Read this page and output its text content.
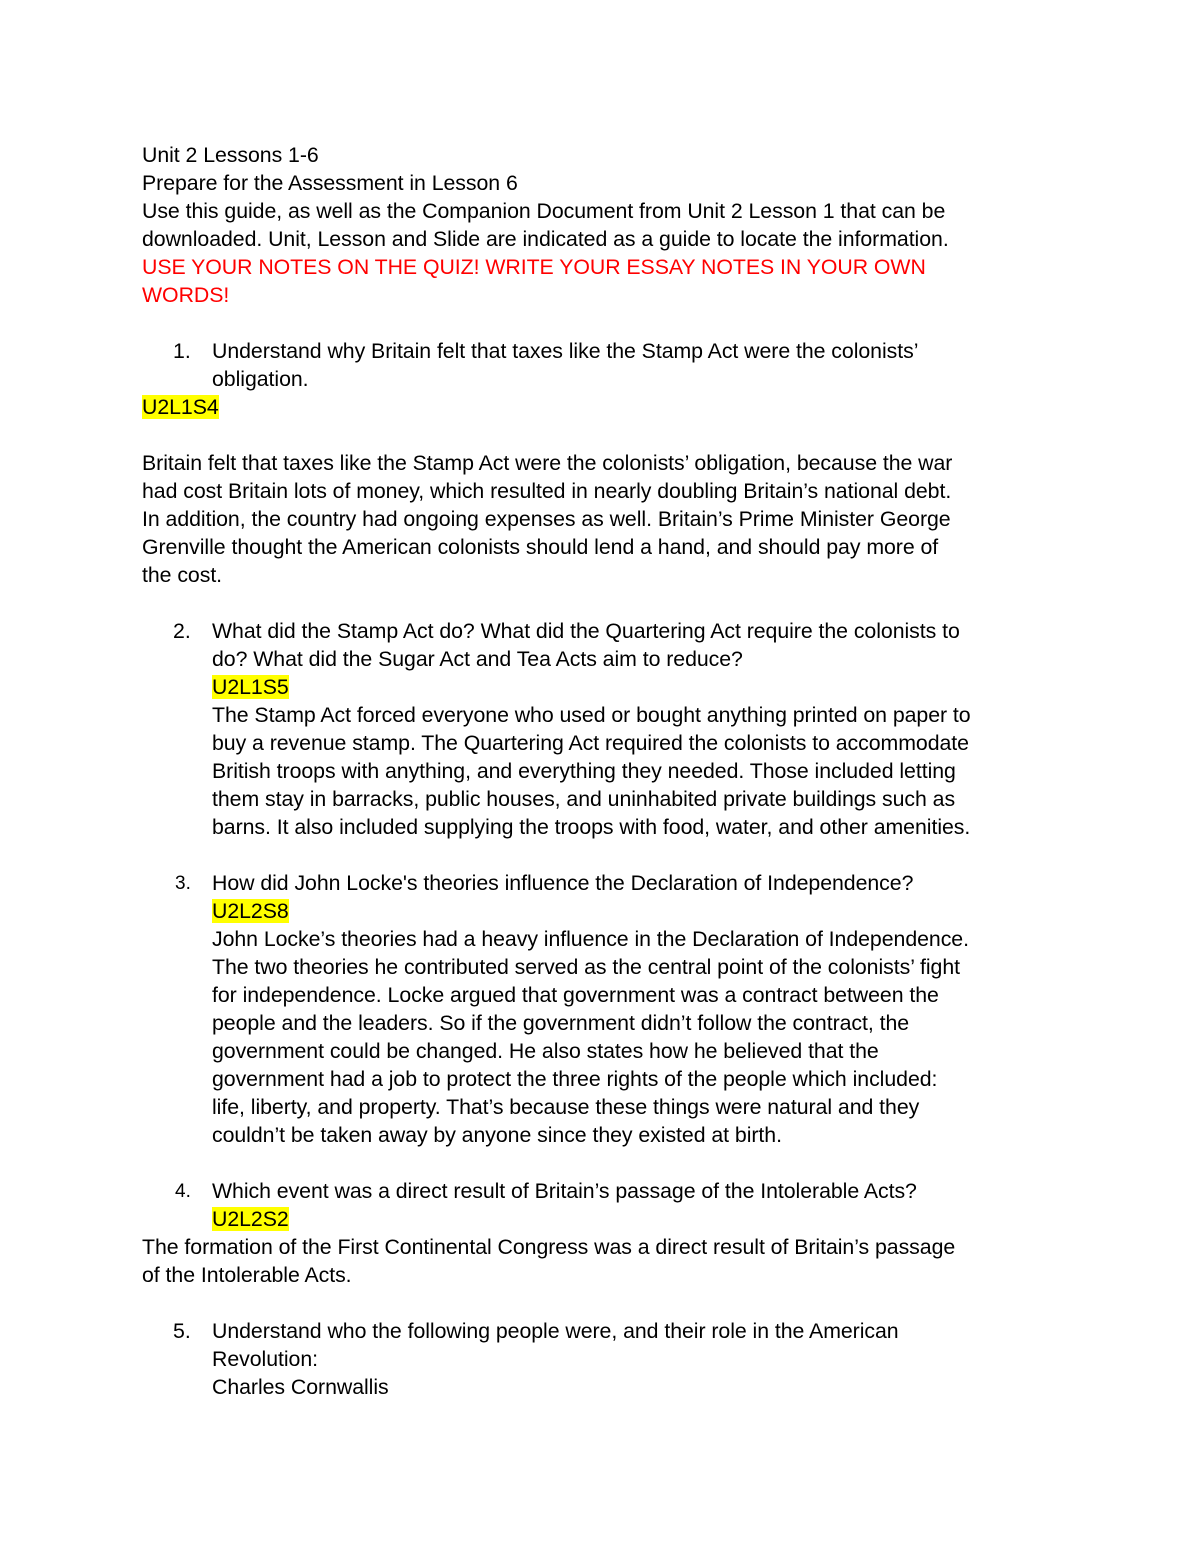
Unit 2 Lessons 1-6
Prepare for the Assessment in Lesson 6
Use this guide, as well as the Companion Document from Unit 2 Lesson 1 that can be
downloaded. Unit, Lesson and Slide are indicated as a guide to locate the information.
USE YOUR NOTES ON THE QUIZ! WRITE YOUR ESSAY NOTES IN YOUR OWN
WORDS!
1. Understand why Britain felt that taxes like the Stamp Act were the colonists’
obligation.
U2L1S4
Britain felt that taxes like the Stamp Act were the colonists’ obligation, because the war
had cost Britain lots of money, which resulted in nearly doubling Britain’s national debt.
In addition, the country had ongoing expenses as well. Britain’s Prime Minister George
Grenville thought the American colonists should lend a hand, and should pay more of
the cost.
2. What did the Stamp Act do? What did the Quartering Act require the colonists to
do? What did the Sugar Act and Tea Acts aim to reduce?
U2L1S5
The Stamp Act forced everyone who used or bought anything printed on paper to
buy a revenue stamp. The Quartering Act required the colonists to accommodate
British troops with anything, and everything they needed. Those included letting
them stay in barracks, public houses, and uninhabited private buildings such as
barns. It also included supplying the troops with food, water, and other amenities.
3. How did John Locke's theories influence the Declaration of Independence?
U2L2S8
John Locke’s theories had a heavy influence in the Declaration of Independence.
The two theories he contributed served as the central point of the colonists’ fight
for independence. Locke argued that government was a contract between the
people and the leaders. So if the government didn’t follow the contract, the
government could be changed. He also states how he believed that the
government had a job to protect the three rights of the people which included:
life, liberty, and property. That’s because these things were natural and they
couldn’t be taken away by anyone since they existed at birth.
4. Which event was a direct result of Britain’s passage of the Intolerable Acts?
U2L2S2
The formation of the First Continental Congress was a direct result of Britain’s passage
of the Intolerable Acts.
5. Understand who the following people were, and their role in the American
Revolution:
Charles Cornwallis
